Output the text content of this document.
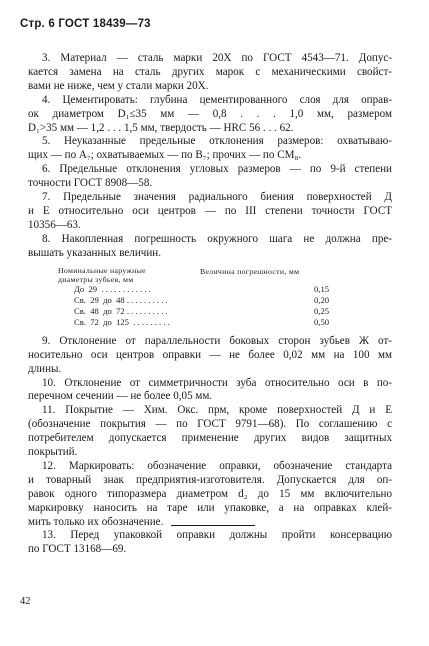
Стр. 6 ГОСТ 18439—73
3. Материал — сталь марки 20Х по ГОСТ 4543—71. Допус-
кается замена на сталь других марок с механическими свойст-
вами не ниже, чем у стали марки 20Х.
4. Цементировать: глубина цементированного слоя для оправ-
ок диаметром D₁≤35 мм — 0,8 . . . 1,0 мм, размером
D₁>35 мм — 1,2 . . . 1,5 мм, твердость — HRC 56 . . . 62.
5. Неуказанные предельные отклонения размеров: охватываю-
щих — по A₇; охватываемых — по B₇; прочих — по CM₈.
6. Предельные отклонения угловых размеров — по 9-й степени
точности ГОСТ 8908—58.
7. Предельные значения радиального биения поверхностей Д
и Е относительно оси центров — по III степени точности ГОСТ
10356—63.
8. Накопленная погрешность окружного шага не должна пре-
вышать указанных величин.
Номинальные наружные
диаметры зубьев, мм
Величина погрешности, мм
До  29  . . . . . . . . . . . .	0,15
Св.  29  до  48 . . . . . . . . . .	0,20
Св.  48  до  72 . . . . . . . . . .	0,25
Св.  72  до  125  . . . . . . . . .	0,50
9. Отклонение от параллельности боковых сторон зубьев Ж от-
носительно оси центров оправки — не более 0,02 мм на 100 мм
длины.
10. Отклонение от симметричности зуба относительно оси в по-
перечном сечении — не более 0,05 мм.
11. Покрытие — Хим. Окс. прм, кроме поверхностей Д и Е
(обозначение покрытия — по ГОСТ 9791—68). По соглашению с
потребителем допускается применение других видов защитных
покрытий.
12. Маркировать: обозначение оправки, обозначение стандарта
и товарный знак предприятия-изготовителя. Допускается для оп-
равок одного типоразмера диаметром d₂ до 15 мм включительно
маркировку наносить на таре или упаковке, а на оправках клей-
мить только их обозначение.
13. Перед упаковкой оправки должны пройти консервацию
по ГОСТ 13168—69.
42
